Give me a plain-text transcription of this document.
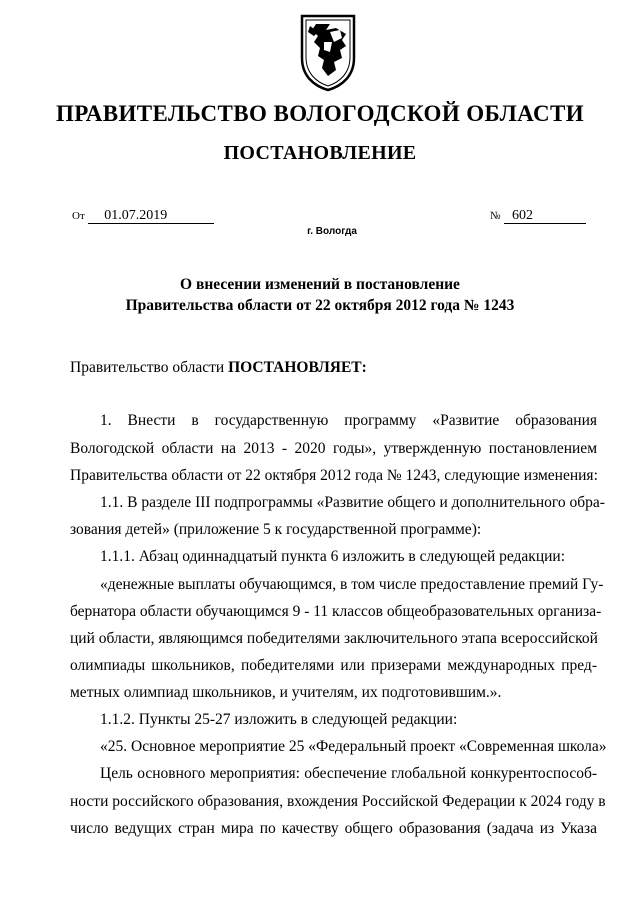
ПРАВИТЕЛЬСТВО ВОЛОГОДСКОЙ ОБЛАСТИ
ПОСТАНОВЛЕНИЕ
От 01.07.2019	№ 602
г. Вологда
О внесении изменений в постановление
Правительства области от 22 октября 2012 года № 1243
Правительство области ПОСТАНОВЛЯЕТ:
1. Внести в государственную программу «Развитие образования
Вологодской области на 2013 - 2020 годы», утвержденную постановлением
Правительства области от 22 октября 2012 года № 1243, следующие изменения:
1.1. В разделе III подпрограммы «Развитие общего и дополнительного обра-
зования детей» (приложение 5 к государственной программе):
1.1.1. Абзац одиннадцатый пункта 6 изложить в следующей редакции:
«денежные выплаты обучающимся, в том числе предоставление премий Гу-
бернатора области обучающимся 9 - 11 классов общеобразовательных организа-
ций области, являющимся победителями заключительного этапа всероссийской
олимпиады школьников, победителями или призерами международных пред-
метных олимпиад школьников, и учителям, их подготовившим.».
1.1.2. Пункты 25-27 изложить в следующей редакции:
«25. Основное мероприятие 25 «Федеральный проект «Современная школа»
Цель основного мероприятия: обеспечение глобальной конкурентоспособ-
ности российского образования, вхождения Российской Федерации к 2024 году в
число ведущих стран мира по качеству общего образования (задача из Указа
